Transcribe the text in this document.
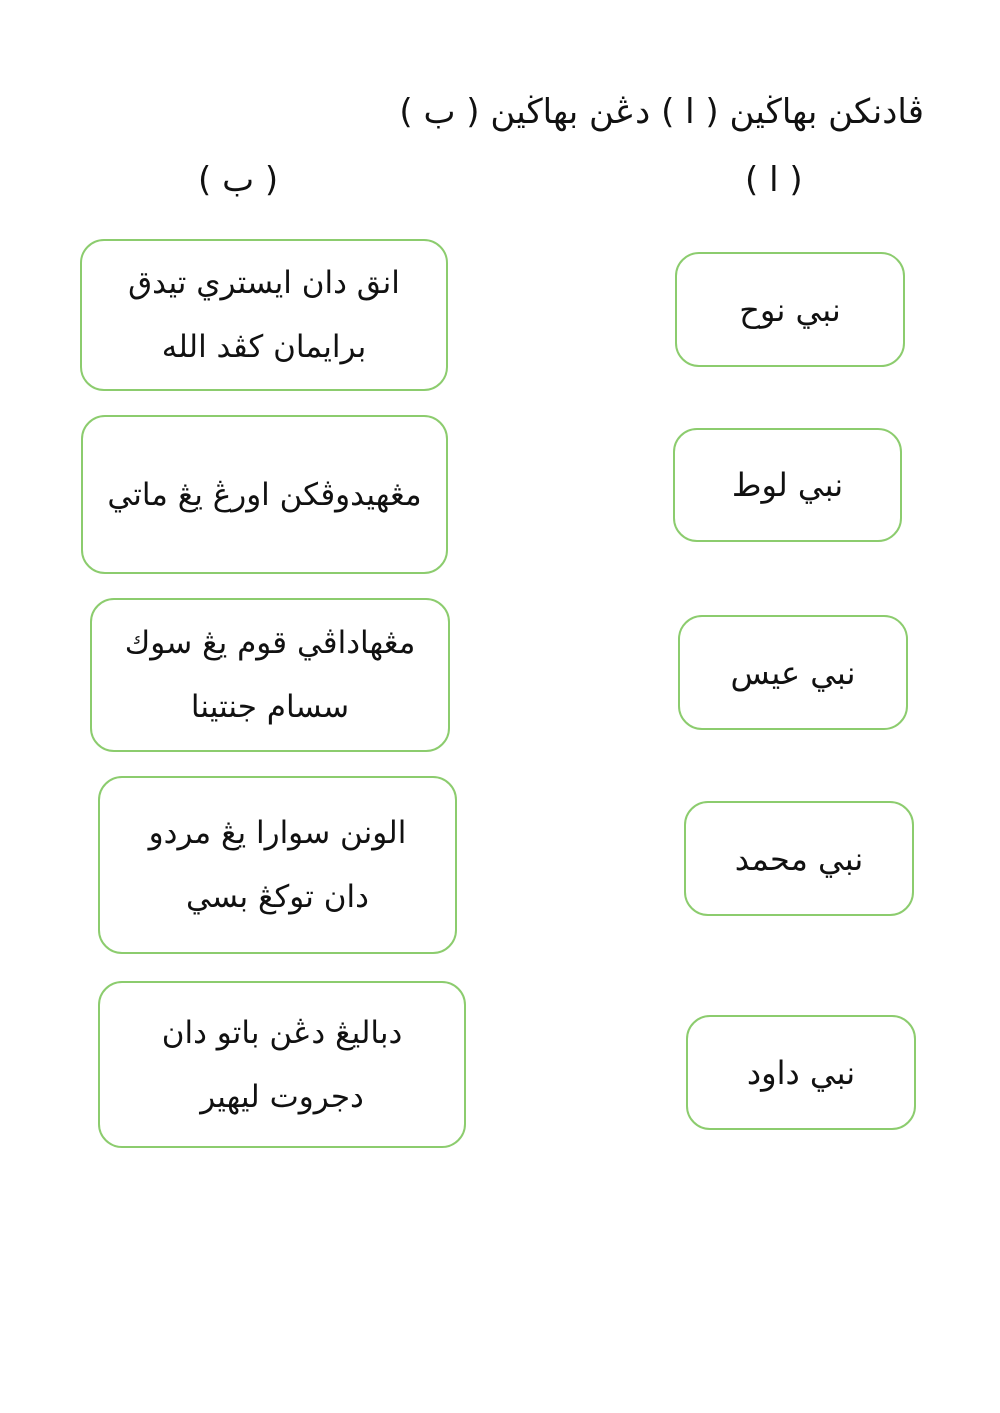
ڤادنكن بهاڬين ( ا ) دڠن بهاڬين ( ب )
( ا )
( ب )
نبي نوح
نبي لوط
نبي عيس
نبي محمد
نبي داود
انق دان ايستري تيدق
برايمان كڤد الله
مڠهيدوڤكن اورڠ يڠ ماتي
مڠهاداڤي قوم يڠ سوك
سسام جنتينا
الونن سوارا يڠ مردو
دان توكڠ بسي
دباليڠ دڠن باتو دان
دجروت ليهير
